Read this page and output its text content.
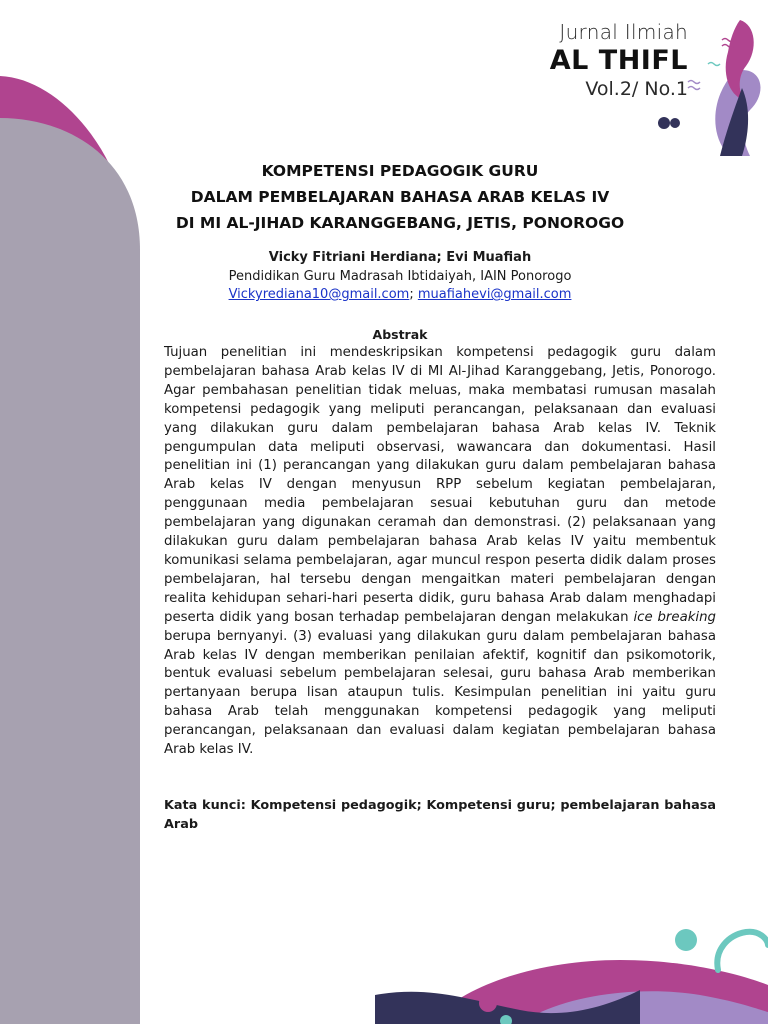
Jurnal Ilmiah
AL THIFL
Vol.2/ No.1
KOMPETENSI PEDAGOGIK GURU
DALAM PEMBELAJARAN BAHASA ARAB KELAS IV
DI MI AL-JIHAD KARANGGEBANG, JETIS, PONOROGO
Vicky Fitriani Herdiana; Evi Muafiah
Pendidikan Guru Madrasah Ibtidaiyah, IAIN Ponorogo
Vickyrediana10@gmail.com; muafiahevi@gmail.com
Abstrak
Tujuan penelitian ini mendeskripsikan kompetensi pedagogik guru dalam pembelajaran bahasa Arab kelas IV di MI Al-Jihad Karanggebang, Jetis, Ponorogo. Agar pembahasan penelitian tidak meluas, maka membatasi rumusan masalah kompetensi pedagogik yang meliputi perancangan, pelaksanaan dan evaluasi yang dilakukan guru dalam pembelajaran bahasa Arab kelas IV. Teknik pengumpulan data meliputi observasi, wawancara dan dokumentasi. Hasil penelitian ini (1) perancangan yang dilakukan guru dalam pembelajaran bahasa Arab kelas IV dengan menyusun RPP sebelum kegiatan pembelajaran, penggunaan media pembelajaran sesuai kebutuhan guru dan metode pembelajaran yang digunakan ceramah dan demonstrasi. (2) pelaksanaan yang dilakukan guru dalam pembelajaran bahasa Arab kelas IV yaitu membentuk komunikasi selama pembelajaran, agar muncul respon peserta didik dalam proses pembelajaran, hal tersebu dengan mengaitkan materi pembelajaran dengan realita kehidupan sehari-hari peserta didik, guru bahasa Arab dalam menghadapi peserta didik yang bosan terhadap pembelajaran dengan melakukan ice breaking berupa bernyanyi. (3) evaluasi yang dilakukan guru dalam pembelajaran bahasa Arab kelas IV dengan memberikan penilaian afektif, kognitif dan psikomotorik, bentuk evaluasi sebelum pembelajaran selesai, guru bahasa Arab memberikan pertanyaan berupa lisan ataupun tulis. Kesimpulan penelitian ini yaitu guru bahasa Arab telah menggunakan kompetensi pedagogik yang meliputi perancangan, pelaksanaan dan evaluasi dalam kegiatan pembelajaran bahasa Arab kelas IV.
Kata kunci: Kompetensi pedagogik; Kompetensi guru; pembelajaran bahasa Arab
